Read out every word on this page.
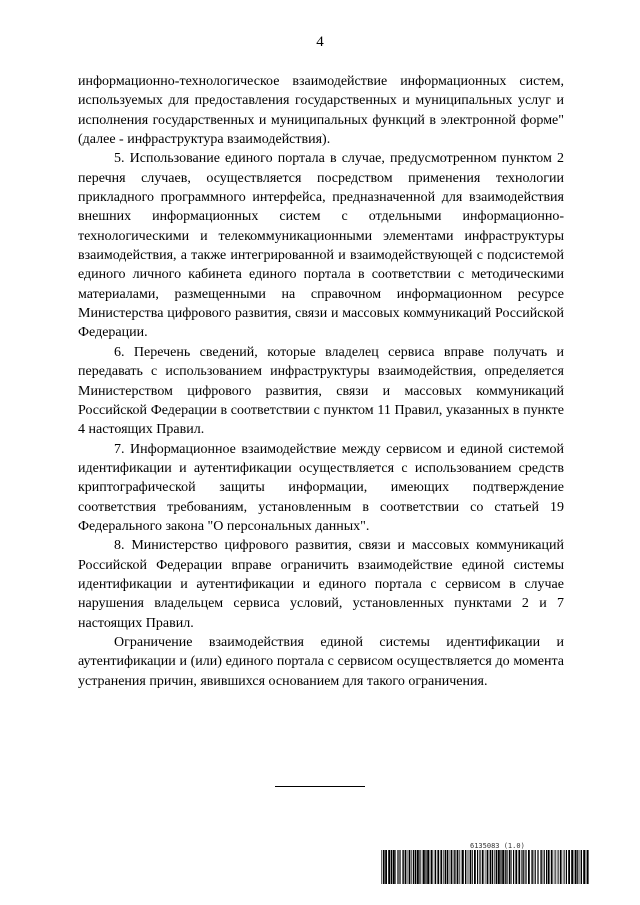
4

информационно-технологическое взаимодействие информационных систем, используемых для предоставления государственных и муниципальных услуг и исполнения государственных и муниципальных функций в электронной форме" (далее - инфраструктура взаимодействия).

5. Использование единого портала в случае, предусмотренном пунктом 2 перечня случаев, осуществляется посредством применения технологии прикладного программного интерфейса, предназначенной для взаимодействия внешних информационных систем с отдельными информационно-технологическими и телекоммуникационными элементами инфраструктуры взаимодействия, а также интегрированной и взаимодействующей с подсистемой единого личного кабинета единого портала в соответствии с методическими материалами, размещенными на справочном информационном ресурсе Министерства цифрового развития, связи и массовых коммуникаций Российской Федерации.

6. Перечень сведений, которые владелец сервиса вправе получать и передавать с использованием инфраструктуры взаимодействия, определяется Министерством цифрового развития, связи и массовых коммуникаций Российской Федерации в соответствии с пунктом 11 Правил, указанных в пункте 4 настоящих Правил.

7. Информационное взаимодействие между сервисом и единой системой идентификации и аутентификации осуществляется с использованием средств криптографической защиты информации, имеющих подтверждение соответствия требованиям, установленным в соответствии со статьей 19 Федерального закона "О персональных данных".

8. Министерство цифрового развития, связи и массовых коммуникаций Российской Федерации вправе ограничить взаимодействие единой системы идентификации и аутентификации и единого портала с сервисом в случае нарушения владельцем сервиса условий, установленных пунктами 2 и 7 настоящих Правил.

Ограничение взаимодействия единой системы идентификации и аутентификации и (или) единого портала с сервисом осуществляется до момента устранения причин, явившихся основанием для такого ограничения.

6135083 (1.0)
